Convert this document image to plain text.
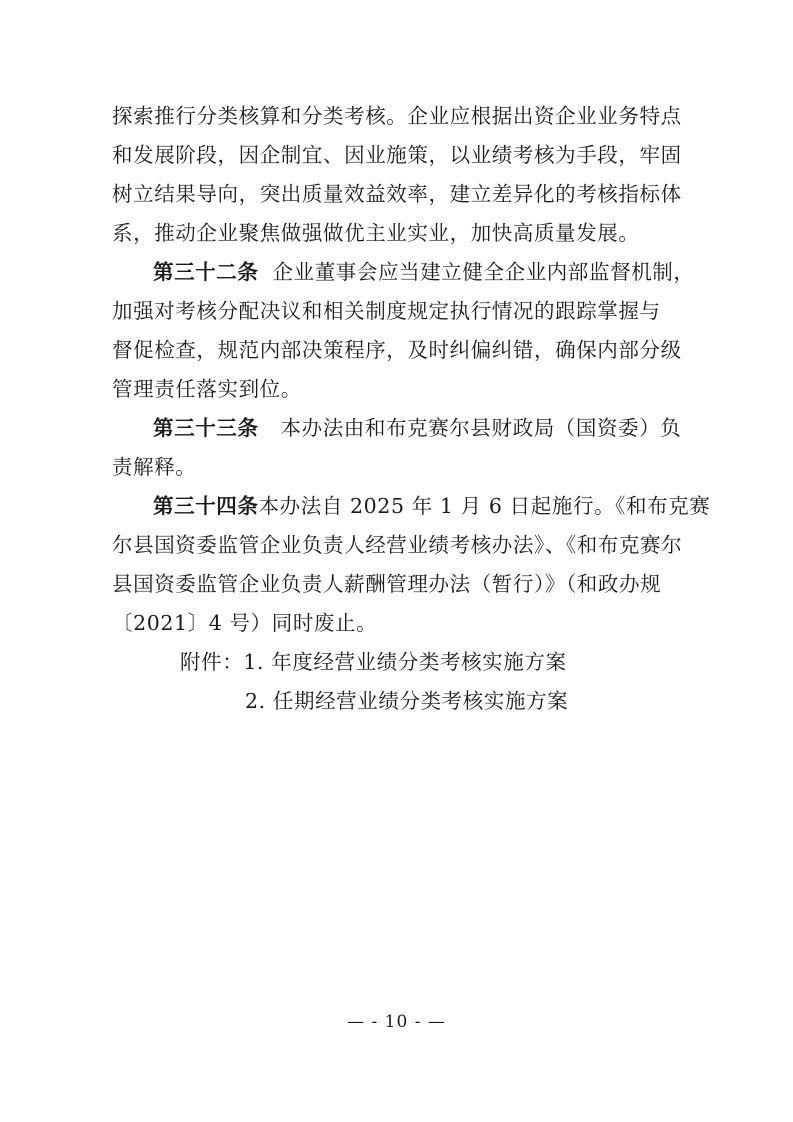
探索推行分类核算和分类考核。企业应根据出资企业业务特点
和发展阶段，因企制宜、因业施策，以业绩考核为手段，牢固
树立结果导向，突出质量效益效率，建立差异化的考核指标体
系，推动企业聚焦做强做优主业实业，加快高质量发展。
第三十二条 企业董事会应当建立健全企业内部监督机制，
加强对考核分配决议和相关制度规定执行情况的跟踪掌握与
督促检查，规范内部决策程序，及时纠偏纠错，确保内部分级
管理责任落实到位。
第三十三条 本办法由和布克赛尔县财政局（国资委）负
责解释。
第三十四条本办法自 2025 年 1 月 6 日起施行。《和布克赛
尔县国资委监管企业负责人经营业绩考核办法》、《和布克赛尔
县国资委监管企业负责人薪酬管理办法（暂行）》（和政办规
〔2021〕4 号）同时废止。
附件：1. 年度经营业绩分类考核实施方案
2. 任期经营业绩分类考核实施方案
— - 10 - —
